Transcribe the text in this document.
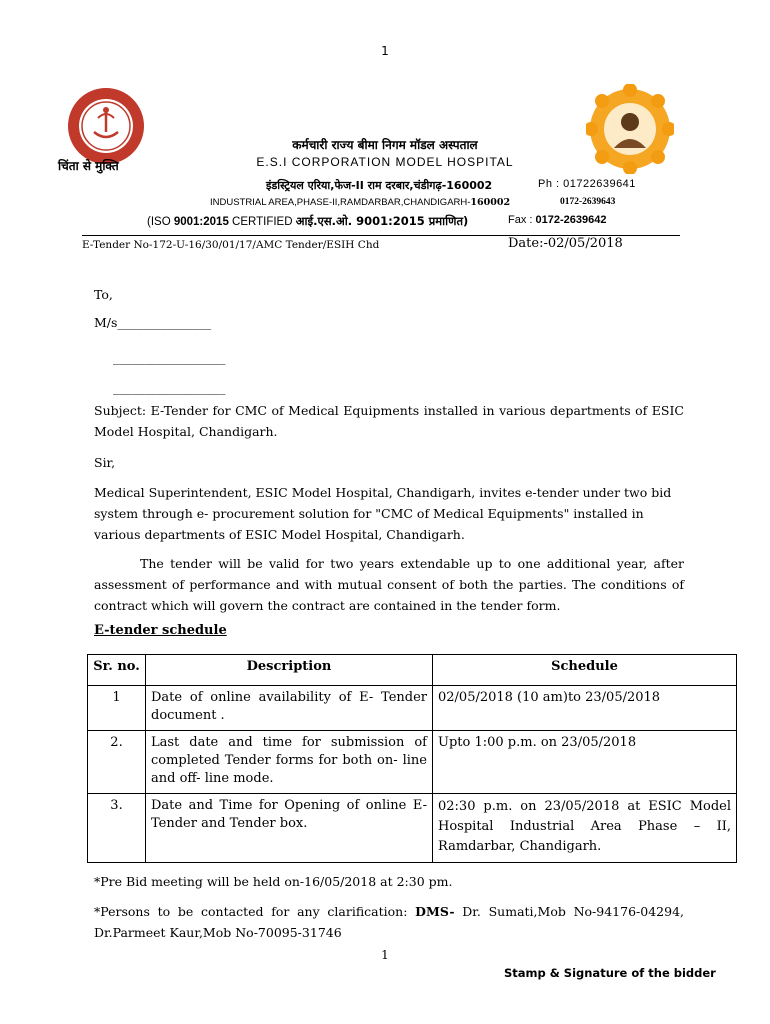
1
चिंता से मुक्ति
कर्मचारी राज्य बीमा निगम मॉडल अस्पताल
E.S.I CORPORATION MODEL HOSPITAL
इंडस्ट्रियल एरिया,फेज-II राम दरबार,चंडीगढ़-160002	Ph : 01722639641
INDUSTRIAL AREA,PHASE-II,RAMDARBAR,CHANDIGARH-160002	0172-2639643
(ISO 9001:2015 CERTIFIED आई.एस.ओ. 9001:2015 प्रमाणित)	Fax : 0172-2639642
E-Tender No-172-U-16/30/01/17/AMC Tender/ESIH Chd	Date:-02/05/2018
To,
M/s_______________
__________________
__________________
Subject: E-Tender for CMC of Medical Equipments installed in various departments of ESIC Model Hospital, Chandigarh.
Sir,
Medical Superintendent, ESIC Model Hospital, Chandigarh, invites e-tender under two bid system through e- procurement solution for "CMC of Medical Equipments" installed in various departments of ESIC Model Hospital, Chandigarh.
The tender will be valid for two years extendable up to one additional year, after assessment of performance and with mutual consent of both the parties. The conditions of contract which will govern the contract are contained in the tender form.
E-tender schedule
Sr. no.	Description	Schedule
1	Date of online availability of E- Tender document .	02/05/2018 (10 am)to 23/05/2018
2.	Last date and time for submission of completed Tender forms for both on- line and off- line mode.	Upto 1:00 p.m. on 23/05/2018
3.	Date and Time for Opening of online E-Tender and Tender box.	02:30 p.m. on 23/05/2018 at ESIC Model Hospital Industrial Area Phase – II, Ramdarbar, Chandigarh.
*Pre Bid meeting will be held on-16/05/2018 at 2:30 pm.
*Persons to be contacted for any clarification: DMS- Dr. Sumati,Mob No-94176-04294, Dr.Parmeet Kaur,Mob No-70095-31746
1
Stamp & Signature of the bidder
